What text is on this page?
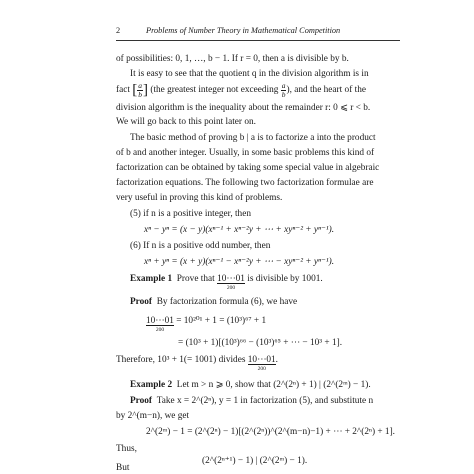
2	Problems of Number Theory in Mathematical Competition
of possibilities: 0, 1, …, b − 1. If r = 0, then a is divisible by b.
It is easy to see that the quotient q in the division algorithm is in
fact [ $\frac{a}{b}$ ] (the greatest integer not exceeding $\frac{a}{b}$ ), and the heart of the
division algorithm is the inequality about the remainder r: 0 ⩽ r < b.
We will go back to this point later on.
The basic method of proving b | a is to factorize a into the product
of b and another integer. Usually, in some basic problems this kind of
factorization can be obtained by taking some special value in algebraic
factorization equations. The following two factorization formulae are
very useful in proving this kind of problems.
(5) if n is a positive integer, then
xⁿ − yⁿ = (x − y)(xⁿ⁻¹ + xⁿ⁻²y + ⋯ + xyⁿ⁻² + yⁿ⁻¹).
(6) If n is a positive odd number, then
xⁿ + yⁿ = (x + y)(xⁿ⁻¹ − xⁿ⁻²y + ⋯ − xyⁿ⁻² + yⁿ⁻¹).
Example 1 Prove that 10⋯01
200
is divisible by 1001.
Proof By factorization formula (6), we have
10⋯01
200
= 10²⁰¹ + 1 = (10³)⁶⁷ + 1
= (10³ + 1)[(10³)⁶⁶ − (10³)⁶⁵ + ⋯ − 10³ + 1].
Therefore, 10³ + 1(= 1001) divides 10⋯01
200
.
Example 2 Let m > n ⩾ 0, show that (2^(2ⁿ) + 1) | (2^(2ᵐ) − 1).
Proof Take x = 2^(2ⁿ), y = 1 in factorization (5), and substitute n
by 2^(m−n), we get
2^(2ᵐ) − 1 = (2^(2ⁿ) − 1)[(2^(2ⁿ))^(2^(m−n)−1) + ⋯ + 2^(2ⁿ) + 1].
Thus,
(2^(2ⁿ⁺¹) − 1) | (2^(2ᵐ) − 1).
But
